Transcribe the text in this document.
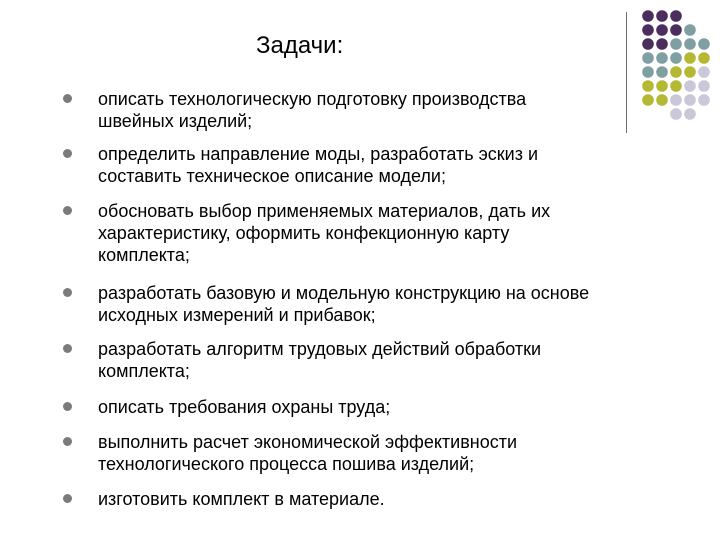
Задачи:
описать технологическую подготовку производства
швейных изделий;
определить направление моды, разработать эскиз и
составить техническое описание модели;
обосновать выбор применяемых материалов, дать их
характеристику, оформить конфекционную карту
комплекта;
разработать базовую и модельную конструкцию на основе
исходных измерений и прибавок;
разработать алгоритм трудовых действий обработки
комплекта;
описать требования охраны труда;
выполнить расчет экономической эффективности
технологического процесса пошива изделий;
изготовить комплект в материале.
